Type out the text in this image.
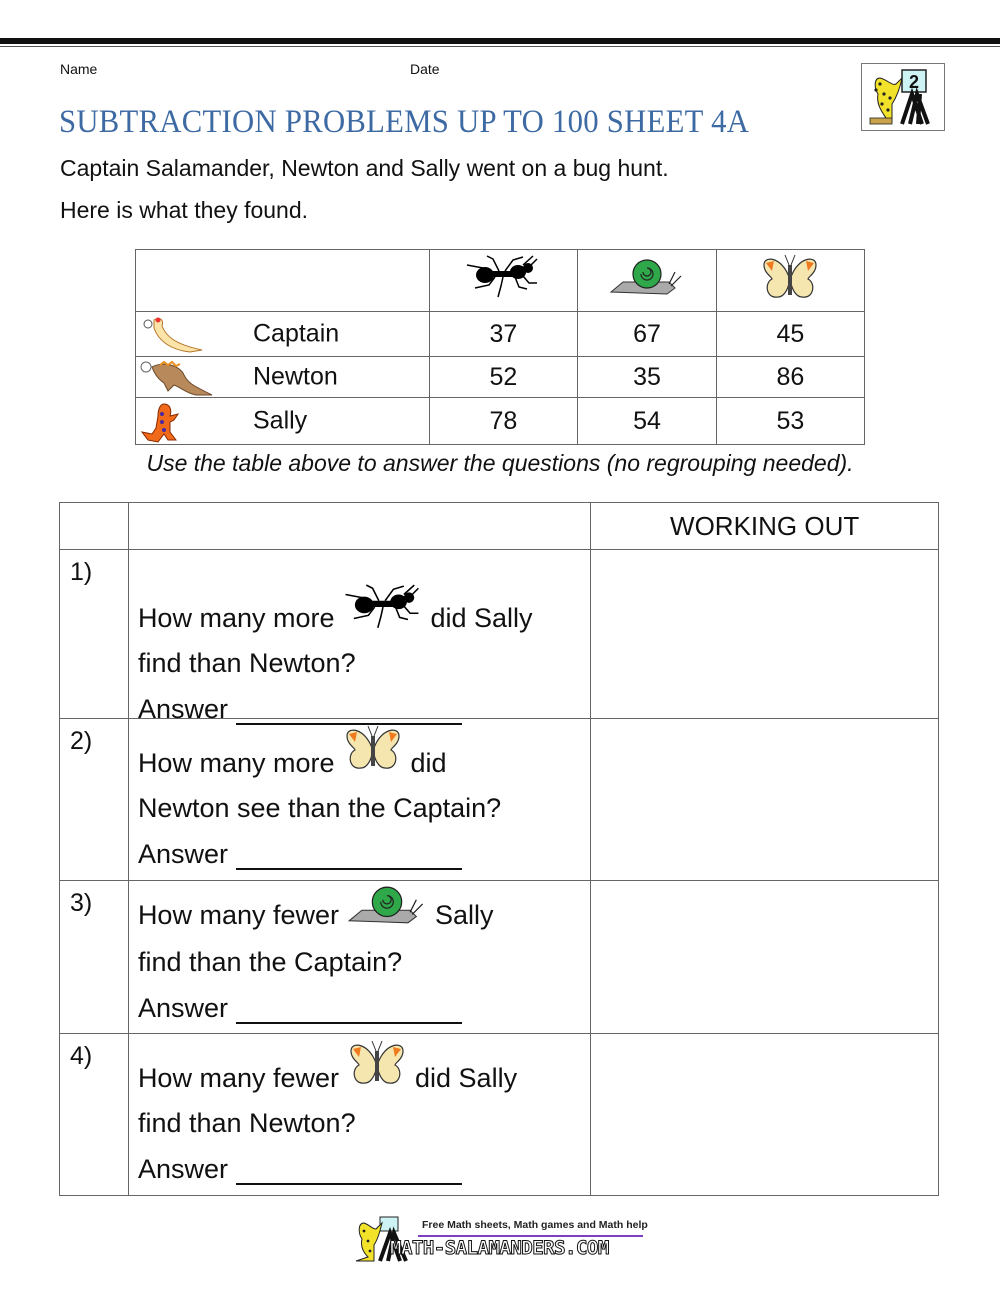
Name	Date
2
SUBTRACTION PROBLEMS UP TO 100 SHEET 4A
Captain Salamander, Newton and Sally went on a bug hunt.
Here is what they found.

Captain	37	67	45

Newton	52	35	86

Sally	78	54	53
Use the table above to answer the questions (no regrouping needed).
		WORKING OUT
1)	How many more did Sally
find than Newton?
Answer	

2)	How many more did
Newton see than the Captain?
Answer	

3)	How many fewer Sally
find than the Captain?
Answer	

4)	How many fewer did Sally
find than Newton?
Answer	

Free Math sheets, Math games and Math help
MATH-SALAMANDERS.COM
